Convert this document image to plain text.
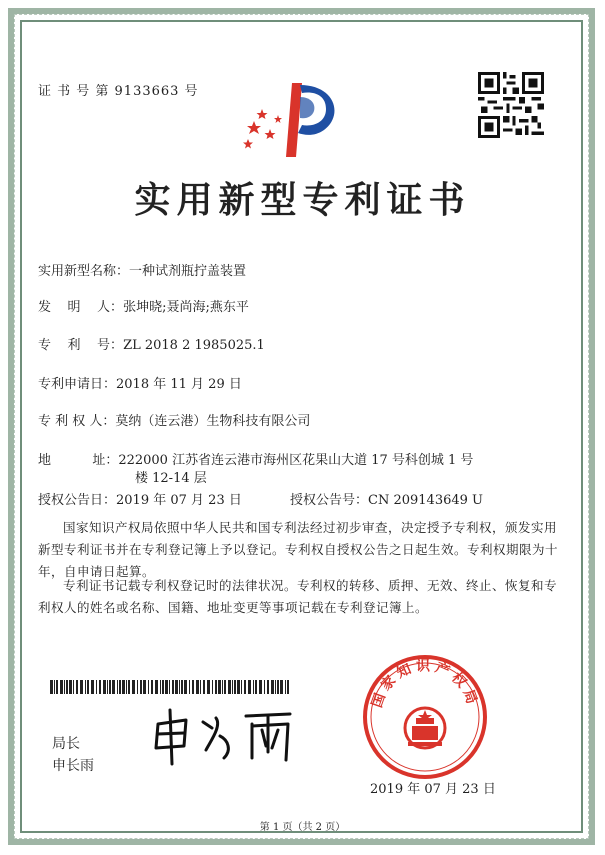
证 书 号 第 9133663 号
实用新型专利证书
实用新型名称：一种试剂瓶拧盖装置
发    明    人：张坤晓;聂尚海;燕东平
专    利    号：ZL 2018 2 1985025.1
专利申请日：2018 年 11 月 29 日
专 利 权 人：莫纳（连云港）生物科技有限公司
地          址：222000 江苏省连云港市海州区花果山大道 17 号科创城 1 号
楼 12-14 层
授权公告日：2019 年 07 月 23 日	授权公告号：CN 209143649 U
国家知识产权局依照中华人民共和国专利法经过初步审查，决定授予专利权，颁发实用新型专利证书并在专利登记簿上予以登记。专利权自授权公告之日起生效。专利权期限为十年，自申请日起算。
专利证书记载专利权登记时的法律状况。专利权的转移、质押、无效、终止、恢复和专利权人的姓名或名称、国籍、地址变更等事项记载在专利登记簿上。
局长
申长雨
国家知识产权局
2019 年 07 月 23 日
第 1 页（共 2 页）
